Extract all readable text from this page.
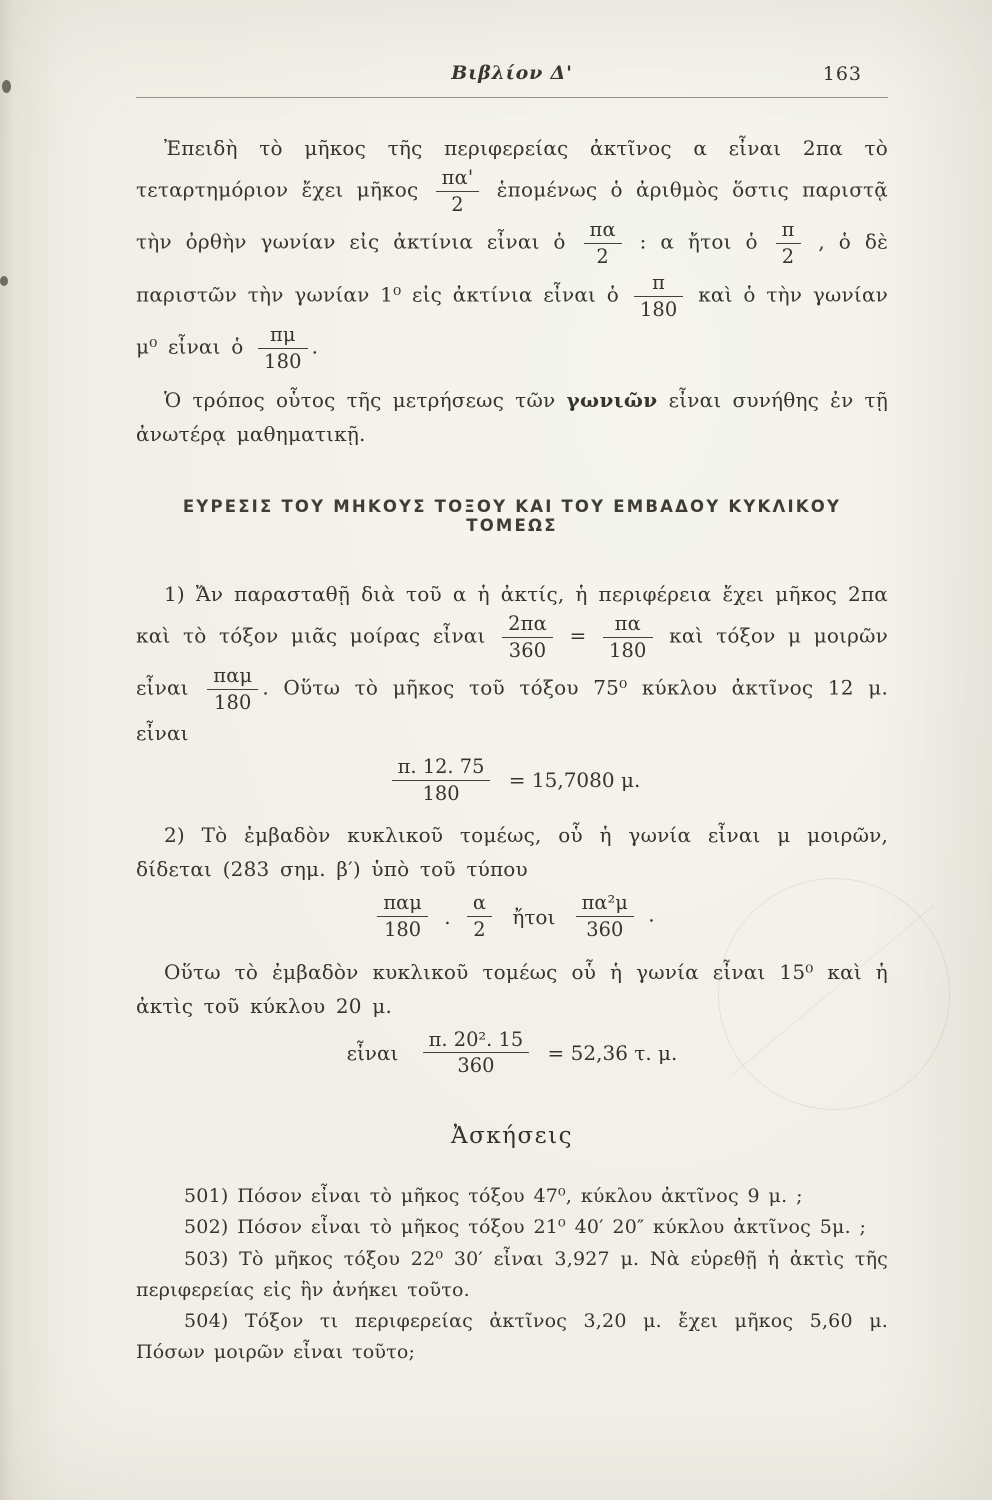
Βιβλίον Δ'	163

Ἐπειδὴ τὸ μῆκος τῆς περιφερείας ἀκτῖνος α εἶναι 2πα τὸ τεταρτημόριον ἔχει μῆκος $\frac{\pi\alpha'}{2}$ ἑπομένως ὁ ἀριθμὸς ὅστις παριστᾷ τὴν ὀρθὴν γωνίαν εἰς ἀκτίνια εἶναι ὁ $\frac{\pi\alpha}{2}$ : α ἤτοι ὁ $\frac{\pi}{2}$ , ὁ δὲ παριστῶν τὴν γωνίαν 1⁰ εἰς ἀκτίνια εἶναι ὁ $\frac{\pi}{180}$ καὶ ὁ τὴν γωνίαν μ⁰ εἶναι ὁ $\frac{\pi\mu}{180}$ .

Ὁ τρόπος οὗτος τῆς μετρήσεως τῶν γωνιῶν εἶναι συνήθης ἐν τῇ ἀνωτέρᾳ μαθηματικῇ.

ΕΥΡΕΣΙΣ ΤΟΥ ΜΗΚΟΥΣ ΤΟΞΟΥ ΚΑΙ ΤΟΥ ΕΜΒΑΔΟΥ ΚΥΚΛΙΚΟΥ ΤΟΜΕΩΣ

1) Ἄν παρασταθῇ διὰ τοῦ α ἡ ἀκτίς, ἡ περιφέρεια ἔχει μῆκος 2πα καὶ τὸ τόξον μιᾶς μοίρας εἶναι $\frac{2\pi\alpha}{360} = \frac{\pi\alpha}{180}$ καὶ τόξον μ μοιρῶν εἶναι $\frac{\text{παμ}}{180}$ . Οὕτω τὸ μῆκος τοῦ τόξου 75⁰ κύκλου ἀκτῖνος 12 μ. εἶναι

$\frac{\pi. 12. 75}{180} = 15,7080$ μ.

2) Τὸ ἐμβαδὸν κυκλικοῦ τομέως, οὗ ἡ γωνία εἶναι μ μοιρῶν, δίδεται (283 σημ. β′) ὑπὸ τοῦ τύπου

$\frac{\text{παμ}}{180}$ . $\frac{\alpha}{2}$ ἤτοι $\frac{\text{πα²μ}}{360}$ .

Οὕτω τὸ ἐμβαδὸν κυκλικοῦ τομέως οὗ ἡ γωνία εἶναι 15⁰ καὶ ἡ ἀκτὶς τοῦ κύκλου 20 μ.

εἶναι $\frac{\text{π. 20². 15}}{360} = 52,36$ τ. μ.
Ἀσκήσεις

501) Πόσον εἶναι τὸ μῆκος τόξου 47⁰, κύκλου ἀκτῖνος 9 μ. ;

502) Πόσον εἶναι τὸ μῆκος τόξου 21⁰ 40′ 20″ κύκλου ἀκτῖνος 5μ. ;

503) Τὸ μῆκος τόξου 22⁰ 30′ εἶναι 3,927 μ. Νὰ εὑρεθῇ ἡ ἀκτὶς τῆς περιφερείας εἰς ἣν ἀνήκει τοῦτο.

504) Τόξον τι περιφερείας ἀκτῖνος 3,20 μ. ἔχει μῆκος 5,60 μ. Πόσων μοιρῶν εἶναι τοῦτο;
